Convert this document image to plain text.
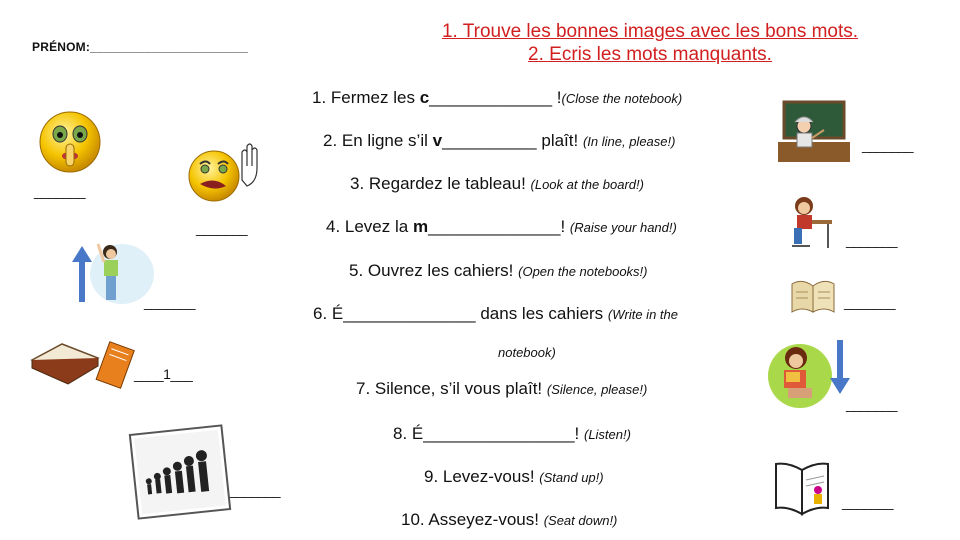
PRÉNOM:_______________________
1. Trouve les bonnes images avec les bons mots.
2. Ecris les mots manquants.
1. Fermez les c_____________ !(Close the notebook)
2. En ligne s’il v__________ plaît! (In line, please!)
3. Regardez le tableau! (Look at the board!)
4. Levez la m______________! (Raise your hand!)
5. Ouvrez les cahiers! (Open the notebooks!)
6. É______________ dans les cahiers (Write in the
notebook)
7. Silence, s’il vous plaît! (Silence, please!)
8. É________________! (Listen!)
9. Levez-vous! (Stand up!)
10. Asseyez-vous! (Seat down!)
_______
_______
_______
_______
_______	_______
____1___
_______
_______
_______
